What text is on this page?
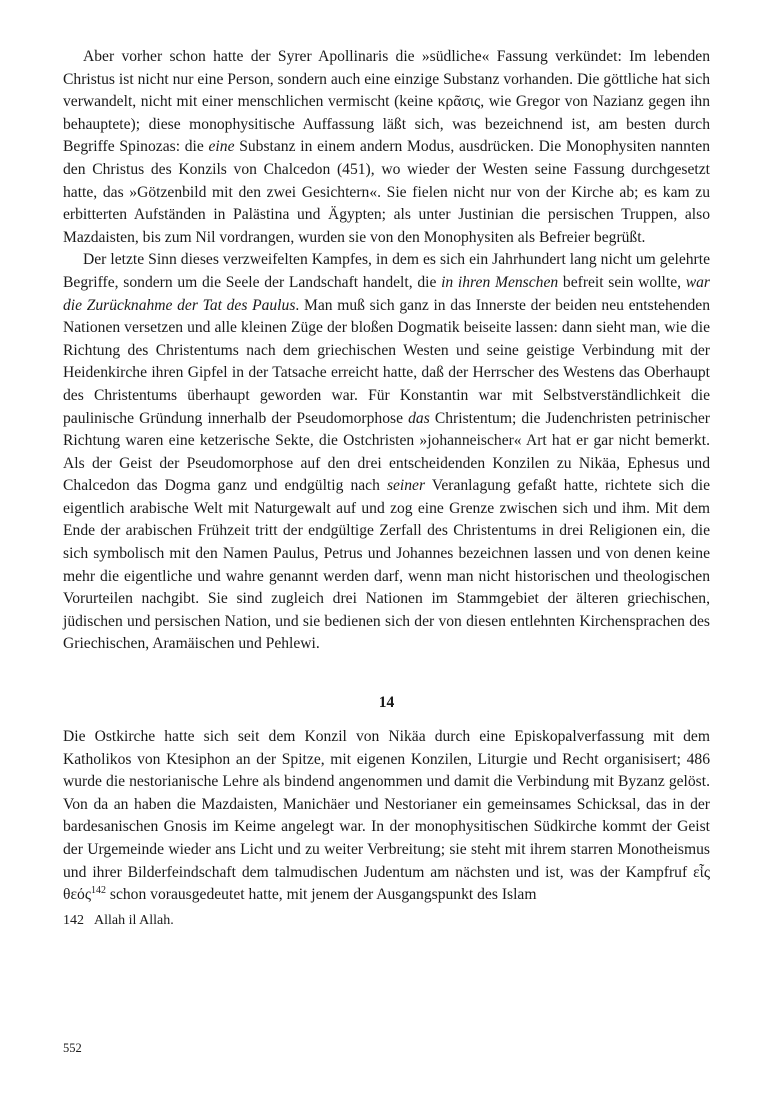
Aber vorher schon hatte der Syrer Apollinaris die »südliche« Fassung verkündet: Im lebenden Christus ist nicht nur eine Person, sondern auch eine einzige Substanz vorhanden. Die göttliche hat sich verwandelt, nicht mit einer menschlichen vermischt (keine κρᾶσις, wie Gregor von Nazianz gegen ihn behauptete); diese monophysitische Auffassung läßt sich, was bezeichnend ist, am besten durch Begriffe Spinozas: die eine Substanz in einem andern Modus, ausdrücken. Die Monophysiten nannten den Christus des Konzils von Chalcedon (451), wo wieder der Westen seine Fassung durchgesetzt hatte, das »Götzenbild mit den zwei Gesichtern«. Sie fielen nicht nur von der Kirche ab; es kam zu erbitterten Aufständen in Palästina und Ägypten; als unter Justinian die persischen Truppen, also Mazdaisten, bis zum Nil vordrangen, wurden sie von den Monophysiten als Befreier begrüßt.

Der letzte Sinn dieses verzweifelten Kampfes, in dem es sich ein Jahrhundert lang nicht um gelehrte Begriffe, sondern um die Seele der Landschaft handelt, die in ihren Menschen befreit sein wollte, war die Zurücknahme der Tat des Paulus. Man muß sich ganz in das Innerste der beiden neu entstehenden Nationen versetzen und alle kleinen Züge der bloßen Dogmatik beiseite lassen: dann sieht man, wie die Richtung des Christentums nach dem griechischen Westen und seine geistige Verbindung mit der Heidenkirche ihren Gipfel in der Tatsache erreicht hatte, daß der Herrscher des Westens das Oberhaupt des Christentums überhaupt geworden war. Für Konstantin war mit Selbstverständlichkeit die paulinische Gründung innerhalb der Pseudomorphose das Christentum; die Judenchristen petrinischer Richtung waren eine ketzerische Sekte, die Ostchristen »johanneischer« Art hat er gar nicht bemerkt. Als der Geist der Pseudomorphose auf den drei entscheidenden Konzilen zu Nikäa, Ephesus und Chalcedon das Dogma ganz und endgültig nach seiner Veranlagung gefaßt hatte, richtete sich die eigentlich arabische Welt mit Naturgewalt auf und zog eine Grenze zwischen sich und ihm. Mit dem Ende der arabischen Frühzeit tritt der endgültige Zerfall des Christentums in drei Religionen ein, die sich symbolisch mit den Namen Paulus, Petrus und Johannes bezeichnen lassen und von denen keine mehr die eigentliche und wahre genannt werden darf, wenn man nicht historischen und theologischen Vorurteilen nachgibt. Sie sind zugleich drei Nationen im Stammgebiet der älteren griechischen, jüdischen und persischen Nation, und sie bedienen sich der von diesen entlehnten Kirchensprachen des Griechischen, Aramäischen und Pehlewi.

14

Die Ostkirche hatte sich seit dem Konzil von Nikäa durch eine Episkopalverfassung mit dem Katholikos von Ktesiphon an der Spitze, mit eigenen Konzilen, Liturgie und Recht organisisert; 486 wurde die nestorianische Lehre als bindend angenommen und damit die Verbindung mit Byzanz gelöst. Von da an haben die Mazdaisten, Manichäer und Nestorianer ein gemeinsames Schicksal, das in der bardesanischen Gnosis im Keime angelegt war. In der monophysitischen Südkirche kommt der Geist der Urgemeinde wieder ans Licht und zu weiter Verbreitung; sie steht mit ihrem starren Monotheismus und ihrer Bilderfeindschaft dem talmudischen Judentum am nächsten und ist, was der Kampfruf εἷς θεός$^{142}$ schon vorausgedeutet hatte, mit jenem der Ausgangspunkt des Islam

142 Allah il Allah.
552
